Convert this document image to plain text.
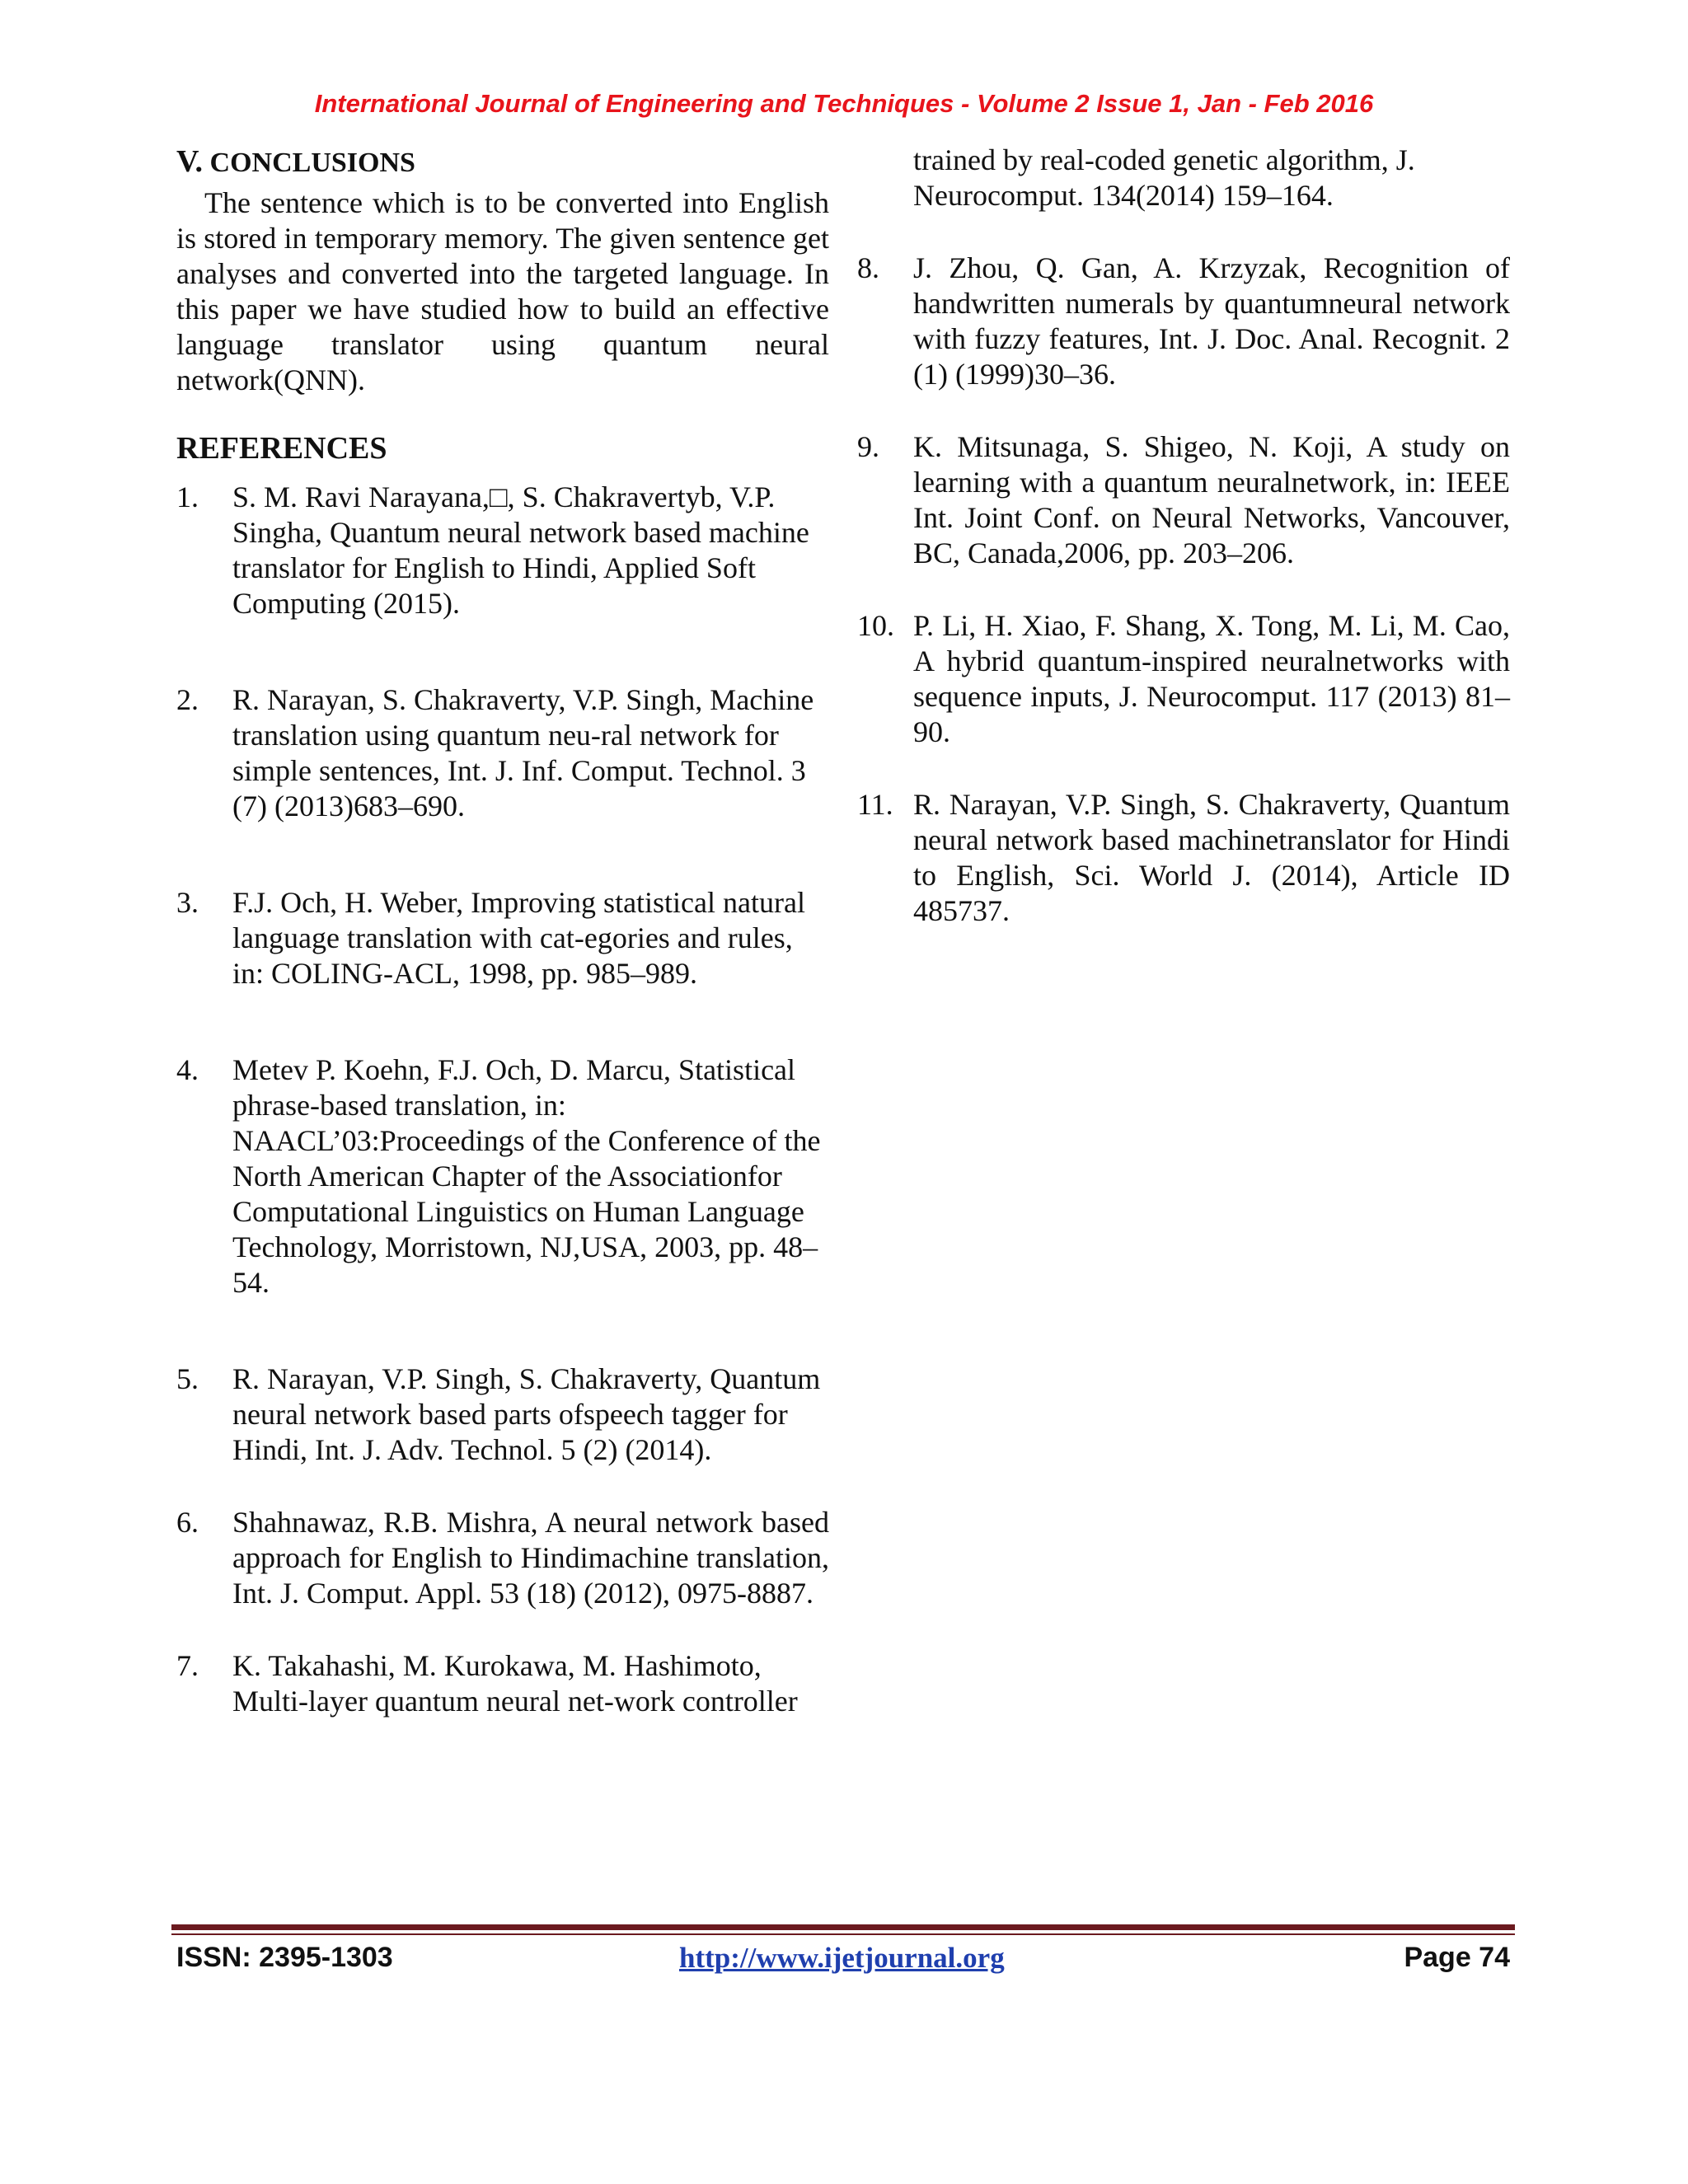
International Journal of Engineering and Techniques - Volume 2 Issue 1, Jan - Feb 2016
V. CONCLUSIONS

The sentence which is to be converted into English is stored in temporary memory. The given sentence get analyses and converted into the targeted language. In this paper we have studied how to build an effective language translator using quantum neural network(QNN).

REFERENCES
1. S. M. Ravi Narayana,□, S. Chakravertyb, V.P. Singha, Quantum neural network based machine translator for English to Hindi, Applied Soft Computing (2015).
2. R. Narayan, S. Chakraverty, V.P. Singh, Machine translation using quantum neu-ral network for simple sentences, Int. J. Inf. Comput. Technol. 3 (7) (2013)683–690.
3. F.J. Och, H. Weber, Improving statistical natural language translation with cat-egories and rules, in: COLING-ACL, 1998, pp. 985–989.
4. Metev P. Koehn, F.J. Och, D. Marcu, Statistical phrase-based translation, in: NAACL’03:Proceedings of the Conference of the North American Chapter of the Associationfor Computational Linguistics on Human Language Technology, Morristown, NJ,USA, 2003, pp. 48–54.
5. R. Narayan, V.P. Singh, S. Chakraverty, Quantum neural network based parts ofspeech tagger for Hindi, Int. J. Adv. Technol. 5 (2) (2014).
6. Shahnawaz, R.B. Mishra, A neural network based approach for English to Hindimachine translation, Int. J. Comput. Appl. 53 (18) (2012), 0975-8887.
7. K. Takahashi, M. Kurokawa, M. Hashimoto, Multi-layer quantum neural net-work controller

trained by real-coded genetic algorithm, J. Neurocomput. 134(2014) 159–164.

8. J. Zhou, Q. Gan, A. Krzyzak, Recognition of handwritten numerals by quantumneural network with fuzzy features, Int. J. Doc. Anal. Recognit. 2 (1) (1999)30–36.
9. K. Mitsunaga, S. Shigeo, N. Koji, A study on learning with a quantum neuralnetwork, in: IEEE Int. Joint Conf. on Neural Networks, Vancouver, BC, Canada,2006, pp. 203–206.
10. P. Li, H. Xiao, F. Shang, X. Tong, M. Li, M. Cao, A hybrid quantum-inspired neuralnetworks with sequence inputs, J. Neurocomput. 117 (2013) 81–90.
11. R. Narayan, V.P. Singh, S. Chakraverty, Quantum neural network based machinetranslator for Hindi to English, Sci. World J. (2014), Article ID 485737.
ISSN: 2395-1303	http://www.ijetjournal.org	Page 74
